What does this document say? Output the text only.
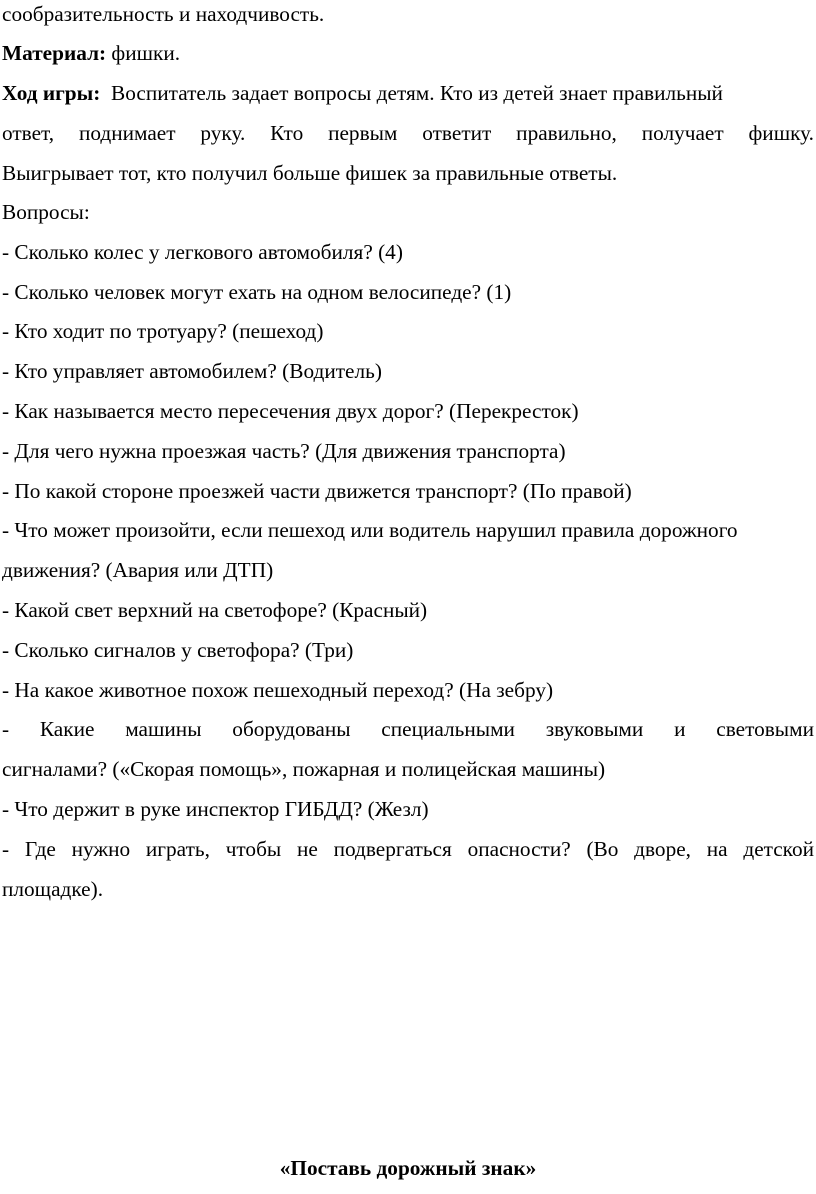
сообразительность и находчивость.
Материал: фишки.
Ход игры:  Воспитатель задает вопросы детям. Кто из детей знает правильный
ответ, поднимает руку. Кто первым ответит правильно, получает фишку.
Выигрывает тот, кто получил больше фишек за правильные ответы.
Вопросы:
- Сколько колес у легкового автомобиля? (4)
- Сколько человек могут ехать на одном велосипеде? (1)
- Кто ходит по тротуару? (пешеход)
- Кто управляет автомобилем? (Водитель)
- Как называется место пересечения двух дорог? (Перекресток)
- Для чего нужна проезжая часть? (Для движения транспорта)
- По какой стороне проезжей части движется транспорт? (По правой)
- Что может произойти, если пешеход или водитель нарушил правила дорожного
движения? (Авария или ДТП)
- Какой свет верхний на светофоре? (Красный)
- Сколько сигналов у светофора? (Три)
- На какое животное похож пешеходный переход? (На зебру)
- Какие машины оборудованы специальными звуковыми и световыми
сигналами? («Скорая помощь», пожарная и полицейская машины)
- Что держит в руке инспектор ГИБДД? (Жезл)
- Где нужно играть, чтобы не подвергаться опасности? (Во дворе, на детской
площадке).
«Поставь дорожный знак»
